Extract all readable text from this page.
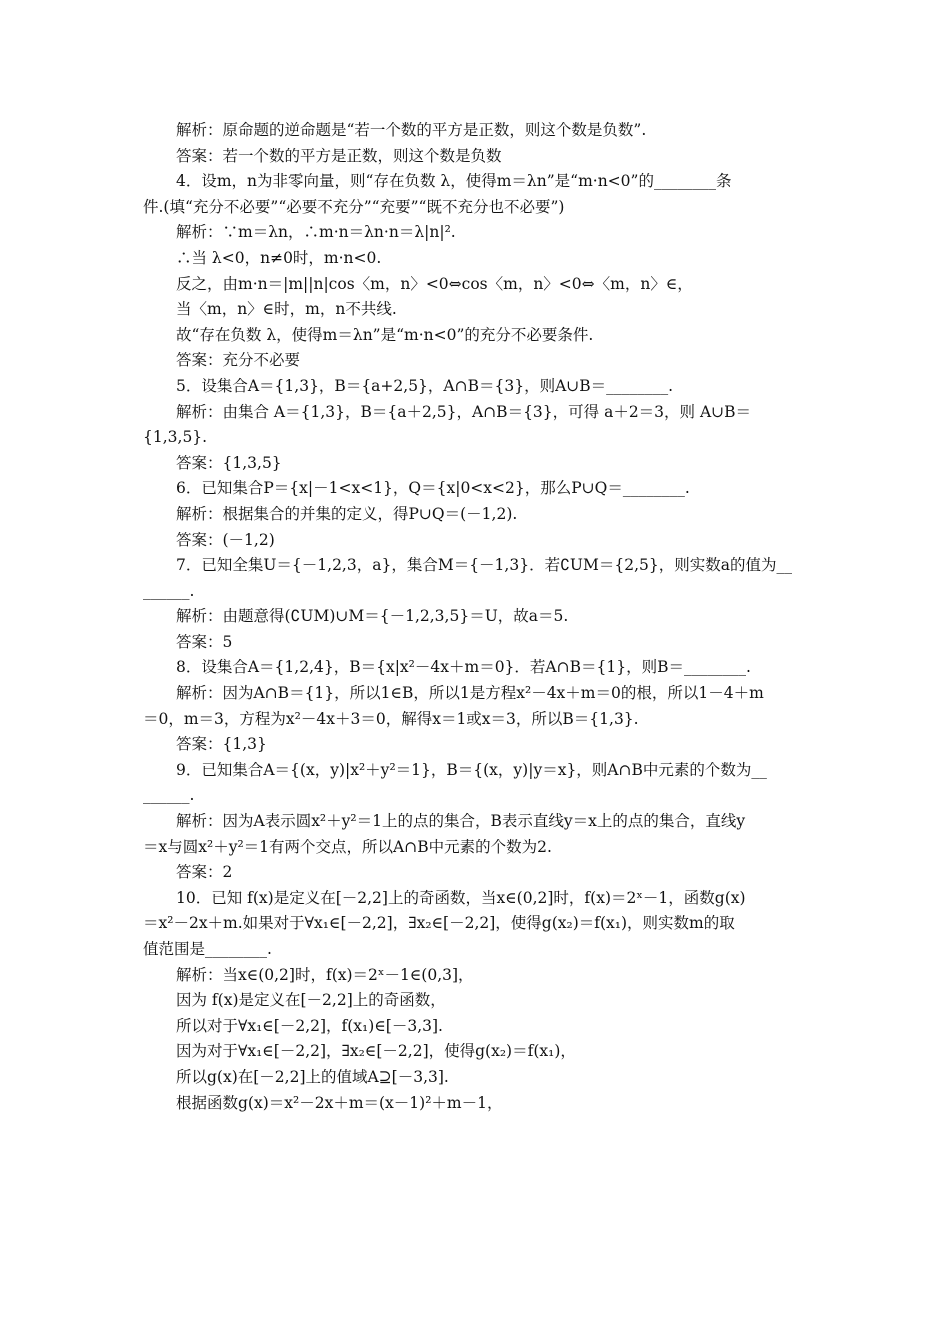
解析：原命题的逆命题是“若一个数的平方是正数，则这个数是负数”.
答案：若一个数的平方是正数，则这个数是负数
4．设m，n为非零向量，则“存在负数 λ，使得m＝λn”是“m·n<0”的________条
件.(填“充分不必要”“必要不充分”“充要”“既不充分也不必要”)
解析：∵m＝λn，∴m·n＝λn·n＝λ|n|².
∴当 λ<0，n≠0时，m·n<0.
反之，由m·n＝|m||n|cos〈m，n〉<0⇔cos〈m，n〉<0⇔〈m，n〉∈，
当〈m，n〉∈时，m，n不共线.
故“存在负数 λ，使得m＝λn”是“m·n<0”的充分不必要条件.
答案：充分不必要
5．设集合A＝{1,3}，B＝{a+2,5}，A∩B＝{3}，则A∪B＝________.
解析：由集合 A＝{1,3}，B＝{a＋2,5}，A∩B＝{3}，可得 a＋2＝3，则 A∪B＝
{1,3,5}.
答案：{1,3,5}
6．已知集合P＝{x|－1<x<1}，Q＝{x|0<x<2}，那么P∪Q＝________.
解析：根据集合的并集的定义，得P∪Q＝(－1,2).
答案：(－1,2)
7．已知全集U＝{－1,2,3，a}，集合M＝{－1,3}．若∁UM＝{2,5}，则实数a的值为__
______.
解析：由题意得(∁UM)∪M＝{－1,2,3,5}＝U，故a＝5.
答案：5
8．设集合A＝{1,2,4}，B＝{x|x²－4x＋m＝0}．若A∩B＝{1}，则B＝________.
解析：因为A∩B＝{1}，所以1∈B，所以1是方程x²－4x＋m＝0的根，所以1－4＋m
＝0，m＝3，方程为x²－4x＋3＝0，解得x＝1或x＝3，所以B＝{1,3}.
答案：{1,3}
9．已知集合A＝{(x，y)|x²＋y²＝1}，B＝{(x，y)|y＝x}，则A∩B中元素的个数为__
______.
解析：因为A表示圆x²＋y²＝1上的点的集合，B表示直线y＝x上的点的集合，直线y
＝x与圆x²＋y²＝1有两个交点，所以A∩B中元素的个数为2.
答案：2
10．已知 f(x)是定义在[－2,2]上的奇函数，当x∈(0,2]时，f(x)＝2ˣ－1，函数g(x)
＝x²－2x＋m.如果对于∀x₁∈[－2,2]，∃x₂∈[－2,2]，使得g(x₂)＝f(x₁)，则实数m的取
值范围是________.
解析：当x∈(0,2]时，f(x)＝2ˣ－1∈(0,3]，
因为 f(x)是定义在[－2,2]上的奇函数，
所以对于∀x₁∈[－2,2]，f(x₁)∈[－3,3].
因为对于∀x₁∈[－2,2]，∃x₂∈[－2,2]，使得g(x₂)＝f(x₁)，
所以g(x)在[－2,2]上的值域A⊇[－3,3].
根据函数g(x)＝x²－2x＋m＝(x－1)²＋m－1，
